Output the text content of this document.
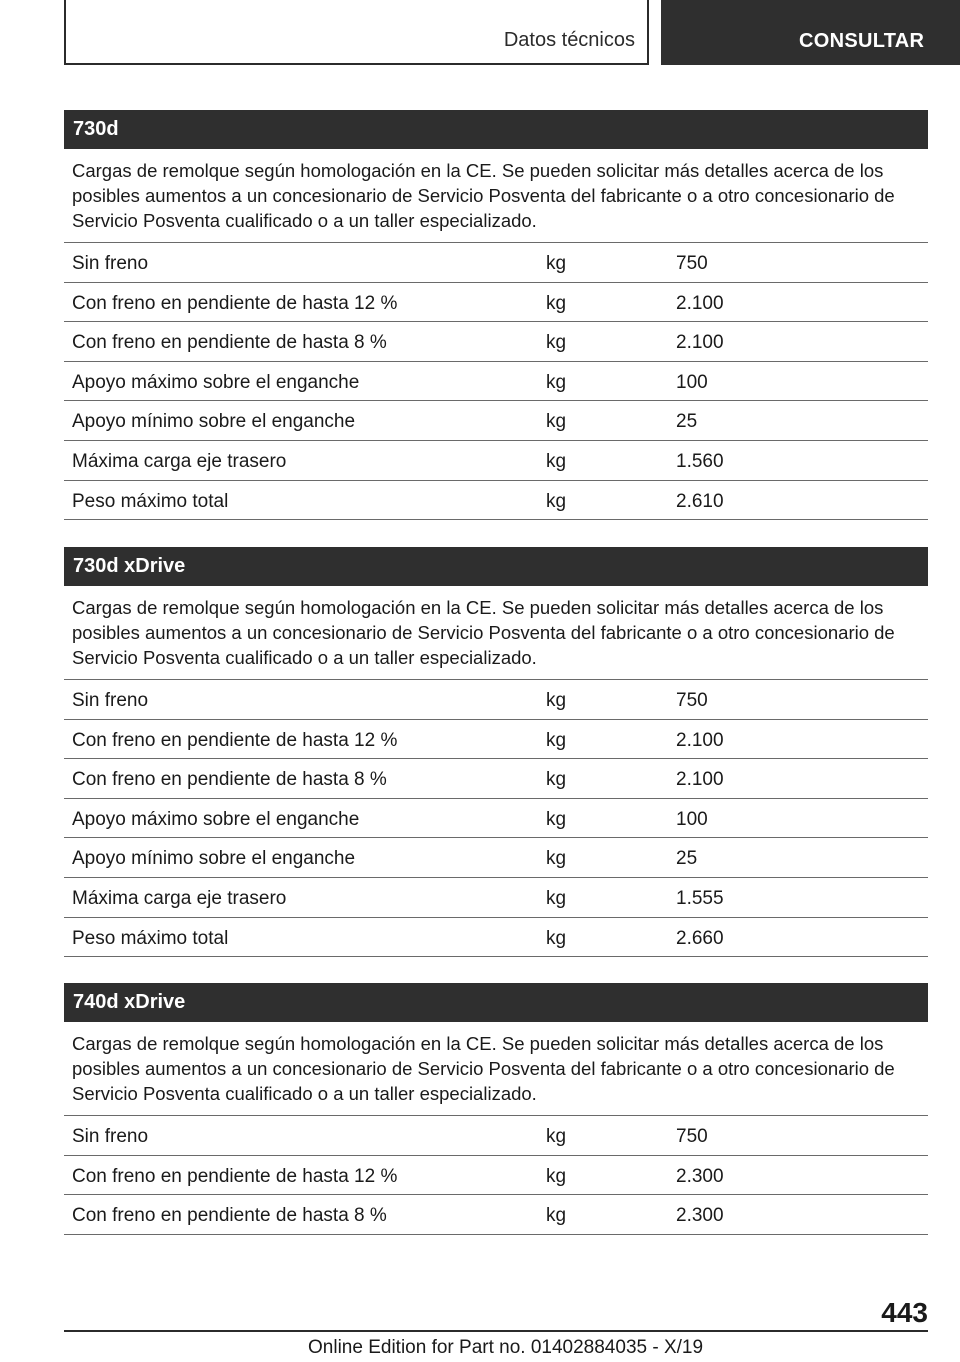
Datos técnicos	CONSULTAR
730d
Cargas de remolque según homologación en la CE. Se pueden solicitar más detalles acerca de los posibles aumentos a un concesionario de Servicio Posventa del fabricante o a otro concesionario de Servicio Posventa cualificado o a un taller especializado.
Sin freno	kg	750
Con freno en pendiente de hasta 12 %	kg	2.100
Con freno en pendiente de hasta 8 %	kg	2.100
Apoyo máximo sobre el enganche	kg	100
Apoyo mínimo sobre el enganche	kg	25
Máxima carga eje trasero	kg	1.560
Peso máximo total	kg	2.610
730d xDrive
Cargas de remolque según homologación en la CE. Se pueden solicitar más detalles acerca de los posibles aumentos a un concesionario de Servicio Posventa del fabricante o a otro concesionario de Servicio Posventa cualificado o a un taller especializado.
Sin freno	kg	750
Con freno en pendiente de hasta 12 %	kg	2.100
Con freno en pendiente de hasta 8 %	kg	2.100
Apoyo máximo sobre el enganche	kg	100
Apoyo mínimo sobre el enganche	kg	25
Máxima carga eje trasero	kg	1.555
Peso máximo total	kg	2.660
740d xDrive
Cargas de remolque según homologación en la CE. Se pueden solicitar más detalles acerca de los posibles aumentos a un concesionario de Servicio Posventa del fabricante o a otro concesionario de Servicio Posventa cualificado o a un taller especializado.
Sin freno	kg	750
Con freno en pendiente de hasta 12 %	kg	2.300
Con freno en pendiente de hasta 8 %	kg	2.300
443
Online Edition for Part no. 01402884035 - X/19
